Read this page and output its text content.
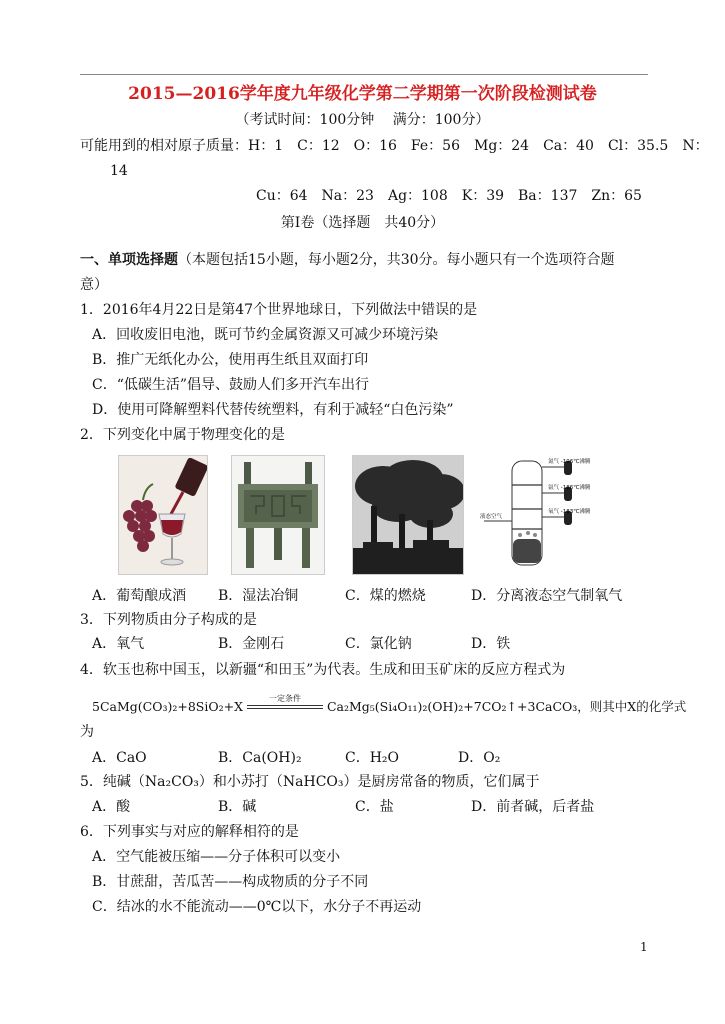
2015—2016学年度九年级化学第二学期第一次阶段检测试卷
（考试时间：100分钟　 满分：100分）
可能用到的相对原子质量：H：1　C：12　O：16　Fe：56　Mg：24　Ca：40　Cl：35.5　N：
14
Cu：64　Na：23　Ag：108　K：39　Ba：137　Zn：65
第Ⅰ卷（选择题　共40分）
一、单项选择题（本题包括15小题，每小题2分，共30分。每小题只有一个选项符合题
意）
1．2016年4月22日是第47个世界地球日，下列做法中错误的是
A．回收废旧电池，既可节约金属资源又可减少环境污染
B．推广无纸化办公，使用再生纸且双面打印
C．“低碳生活”倡导、鼓励人们多开汽车出行
D．使用可降解塑料代替传统塑料，有利于减轻“白色污染”
2．下列变化中属于物理变化的是
氮气 -196℃沸腾
氩气 -186℃沸腾
氧气 -183℃沸腾
液态空气
A．葡萄酿成酒 B．湿法冶铜	C．煤的燃烧	D．分离液态空气制氧气
3．下列物质由分子构成的是
A．氧气	B．金刚石	C．氯化钠	D．铁
4．软玉也称中国玉，以新疆“和田玉”为代表。生成和田玉矿床的反应方程式为
5CaMg(CO₃)₂+8SiO₂+X
一定条件
Ca₂Mg₅(Si₄O₁₁)₂(OH)₂+7CO₂↑+3CaCO₃，则其中X的化学式
为
A．CaO	B．Ca(OH)₂	C．H₂O	D．O₂
5．纯碱（Na₂CO₃）和小苏打（NaHCO₃）是厨房常备的物质，它们属于
A．酸	B．碱	C．盐	D．前者碱，后者盐
6．下列事实与对应的解释相符的是
A．空气能被压缩——分子体积可以变小
B．甘蔗甜，苦瓜苦——构成物质的分子不同
C．结冰的水不能流动——0℃以下，水分子不再运动
1
